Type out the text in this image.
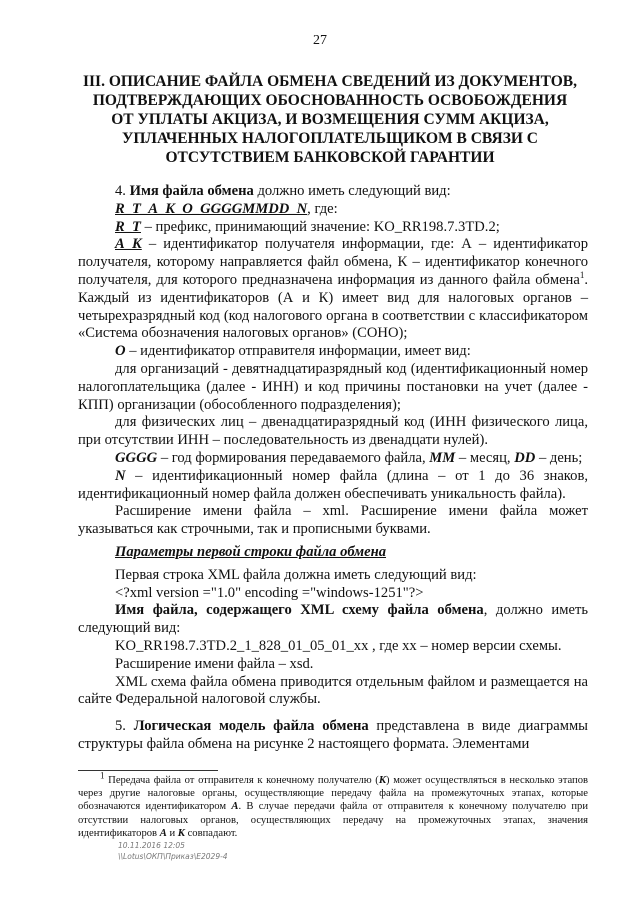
27
III. ОПИСАНИЕ ФАЙЛА ОБМЕНА СВЕДЕНИЙ ИЗ ДОКУМЕНТОВ, ПОДТВЕРЖДАЮЩИХ ОБОСНОВАННОСТЬ ОСВОБОЖДЕНИЯ ОТ УПЛАТЫ АКЦИЗА, И ВОЗМЕЩЕНИЯ СУММ АКЦИЗА, УПЛАЧЕННЫХ НАЛОГОПЛАТЕЛЬЩИКОМ В СВЯЗИ С ОТСУТСТВИЕМ БАНКОВСКОЙ ГАРАНТИИ

4. Имя файла обмена должно иметь следующий вид:

R_T_A_K_O_GGGGMMDD_N, где:

R_T – префикс, принимающий значение: KO_RR198.7.3TD.2;

A_K – идентификатор получателя информации, где: А – идентификатор получателя, которому направляется файл обмена, К – идентификатор конечного получателя, для которого предназначена информация из данного файла обмена$^1$. Каждый из идентификаторов (А и К) имеет вид для налоговых органов – четырехразрядный код (код налогового органа в соответствии с классификатором «Система обозначения налоговых органов» (СОНО);

O – идентификатор отправителя информации, имеет вид:

для организаций - девятнадцатиразрядный код (идентификационный номер налогоплательщика (далее - ИНН) и код причины постановки на учет (далее - КПП) организации (обособленного подразделения);

для физических лиц – двенадцатиразрядный код (ИНН физического лица, при отсутствии ИНН – последовательность из двенадцати нулей).

GGGG – год формирования передаваемого файла, MM – месяц, DD – день;

N – идентификационный номер файла (длина – от 1 до 36 знаков, идентификационный номер файла должен обеспечивать уникальность файла).

Расширение имени файла – xml. Расширение имени файла может указываться как строчными, так и прописными буквами.

Параметры первой строки файла обмена

Первая строка XML файла должна иметь следующий вид:

<?xml version ="1.0" encoding ="windows-1251"?>

Имя файла, содержащего XML схему файла обмена, должно иметь следующий вид:

KO_RR198.7.3TD.2_1_828_01_05_01_xx , где хх – номер версии схемы.

Расширение имени файла – xsd.

XML схема файла обмена приводится отдельным файлом и размещается на сайте Федеральной налоговой службы.

5. Логическая модель файла обмена представлена в виде диаграммы структуры файла обмена на рисунке 2 настоящего формата. Элементами

$^1$ Передача файла от отправителя к конечному получателю (К) может осуществляться в несколько этапов через другие налоговые органы, осуществляющие передачу файла на промежуточных этапах, которые обозначаются идентификатором А. В случае передачи файла от отправителя к конечному получателю при отсутствии налоговых органов, осуществляющих передачу на промежуточных этапах, значения идентификаторов А и К совпадают.

10.11.2016 12:05
\\Lotus\ОКП\Приказ\E2029-4
